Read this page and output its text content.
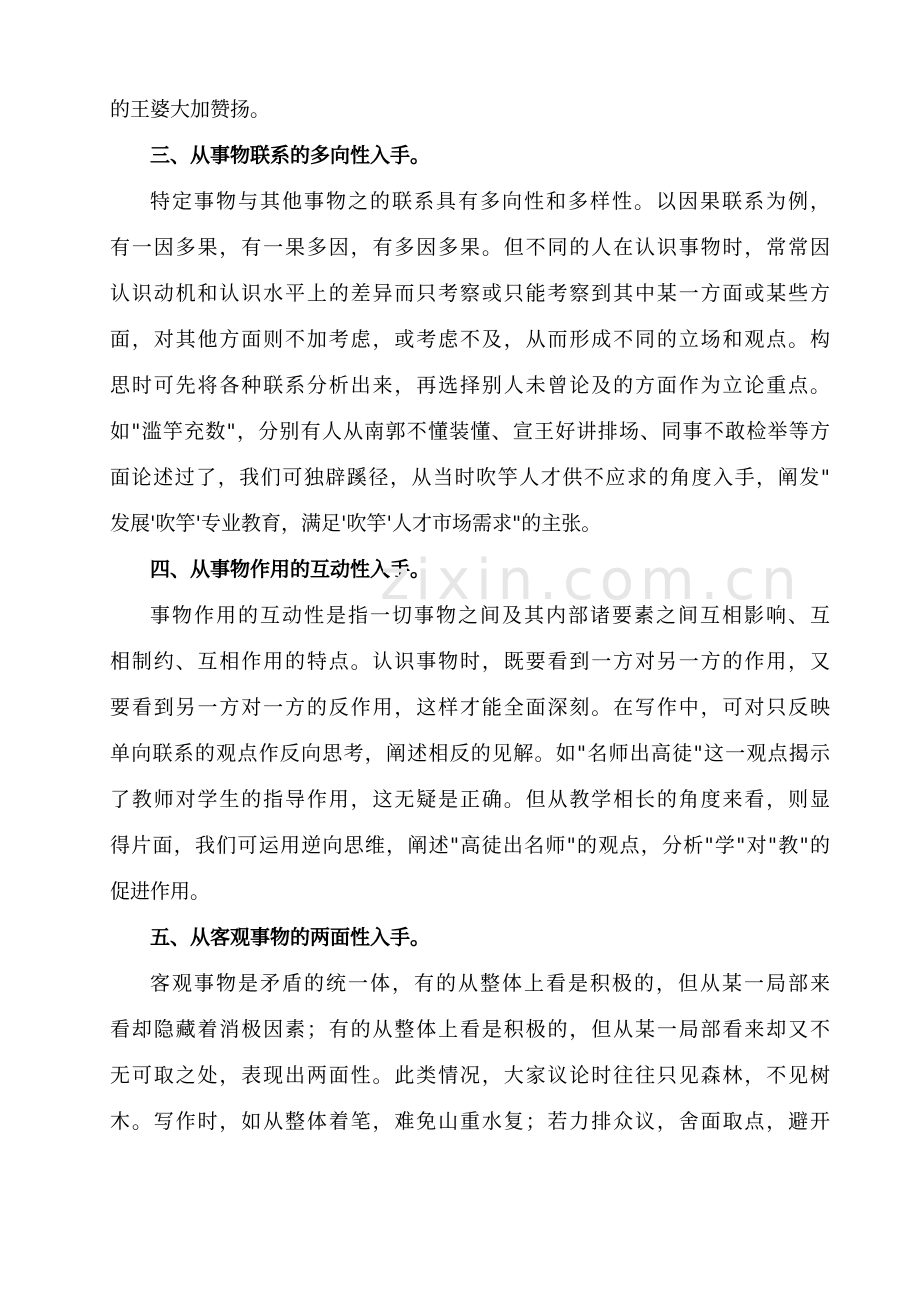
的王婆大加赞扬。
三、从事物联系的多向性入手。
特定事物与其他事物之的联系具有多向性和多样性。以因果联系为例，
有一因多果，有一果多因，有多因多果。但不同的人在认识事物时，常常因
认识动机和认识水平上的差异而只考察或只能考察到其中某一方面或某些方
面，对其他方面则不加考虑，或考虑不及，从而形成不同的立场和观点。构
思时可先将各种联系分析出来，再选择别人未曾论及的方面作为立论重点。
如"滥竽充数"，分别有人从南郭不懂装懂、宣王好讲排场、同事不敢检举等方
面论述过了，我们可独辟蹊径，从当时吹竽人才供不应求的角度入手，阐发"
发展'吹竽'专业教育，满足'吹竽'人才市场需求"的主张。
四、从事物作用的互动性入手。
事物作用的互动性是指一切事物之间及其内部诸要素之间互相影响、互
相制约、互相作用的特点。认识事物时，既要看到一方对另一方的作用，又
要看到另一方对一方的反作用，这样才能全面深刻。在写作中，可对只反映
单向联系的观点作反向思考，阐述相反的见解。如"名师出高徒"这一观点揭示
了教师对学生的指导作用，这无疑是正确。但从教学相长的角度来看，则显
得片面，我们可运用逆向思维，阐述"高徒出名师"的观点，分析"学"对"教"的
促进作用。
五、从客观事物的两面性入手。
客观事物是矛盾的统一体，有的从整体上看是积极的，但从某一局部来
看却隐藏着消极因素；有的从整体上看是积极的，但从某一局部看来却又不
无可取之处，表现出两面性。此类情况，大家议论时往往只见森林，不见树
木。写作时，如从整体着笔，难免山重水复；若力排众议，舍面取点，避开
zixin.com.cn
